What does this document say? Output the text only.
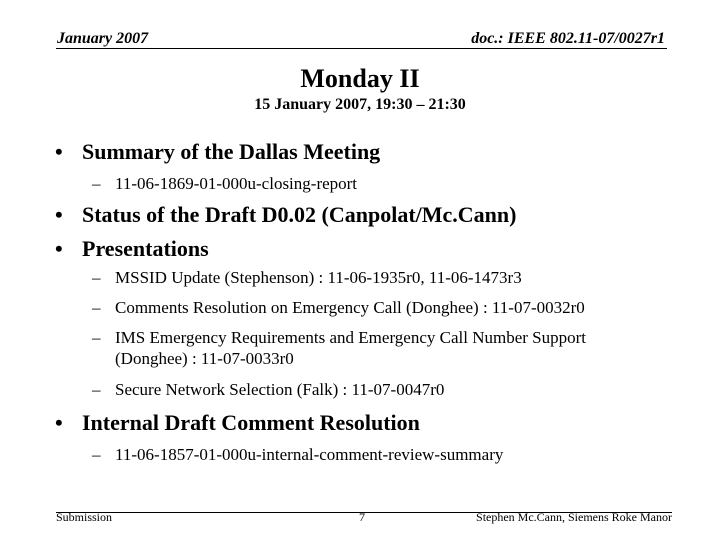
January 2007	doc.: IEEE 802.11-07/0027r1
Monday II
15 January 2007, 19:30 – 21:30
• Summary of the Dallas Meeting
– 11-06-1869-01-000u-closing-report
• Status of the Draft D0.02 (Canpolat/Mc.Cann)
• Presentations
– MSSID Update (Stephenson) : 11-06-1935r0, 11-06-1473r3
– Comments Resolution on Emergency Call (Donghee) : 11-07-0032r0
– IMS Emergency Requirements and Emergency Call Number Support
(Donghee) : 11-07-0033r0
– Secure Network Selection (Falk) : 11-07-0047r0
• Internal Draft Comment Resolution
– 11-06-1857-01-000u-internal-comment-review-summary
Submission	7	Stephen Mc.Cann, Siemens Roke Manor
